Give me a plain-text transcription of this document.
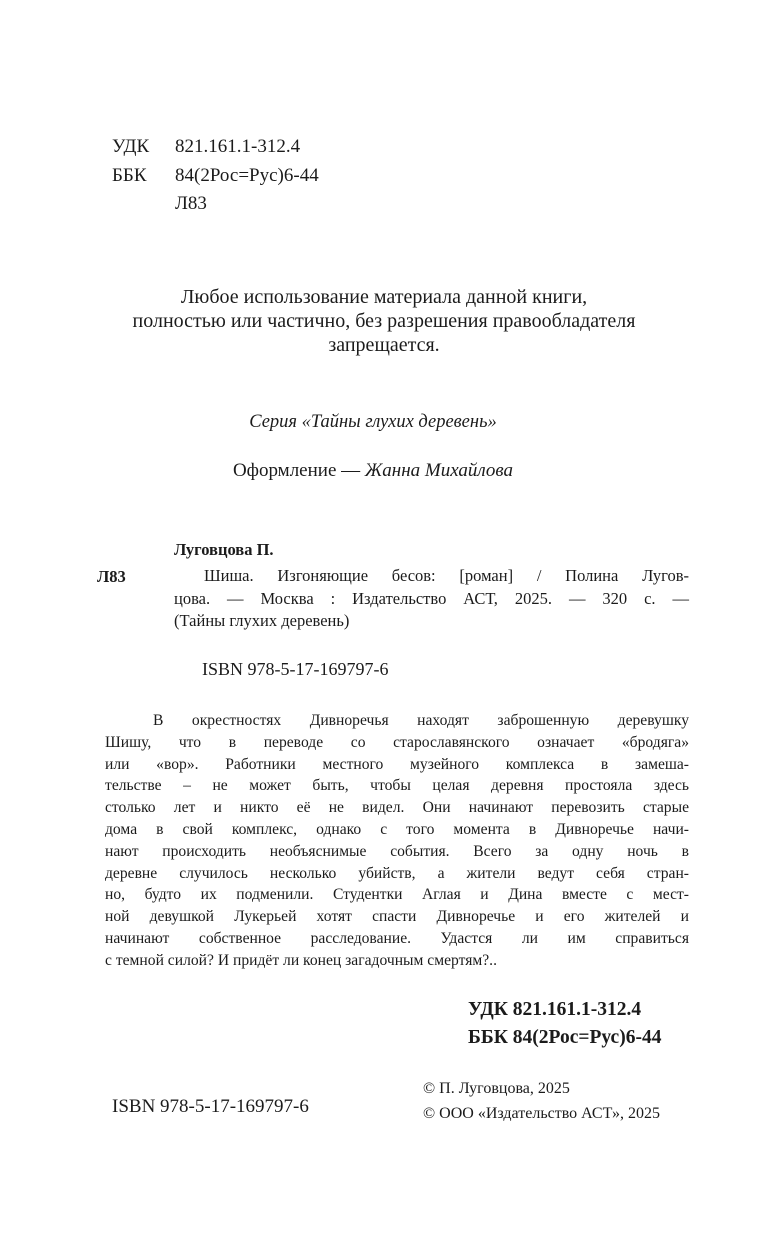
УДК 821.161.1-312.4
ББК 84(2Рос=Рус)6-44
Л83
Любое использование материала данной книги,
полностью или частично, без разрешения правообладателя
запрещается.
Серия «Тайны глухих деревень»
Оформление — Жанна Михайлова
Луговцова П.
Л83	Шиша. Изгоняющие бесов: [роман] / Полина Лугов-
цова. — Москва : Издательство АСТ, 2025. — 320 с. —
(Тайны глухих деревень)
ISBN 978-5-17-169797-6
В окрестностях Дивноречья находят заброшенную деревушку
Шишу, что в переводе со старославянского означает «бродяга»
или «вор». Работники местного музейного комплекса в замеша-
тельстве – не может быть, чтобы целая деревня простояла здесь
столько лет и никто её не видел. Они начинают перевозить старые
дома в свой комплекс, однако с того момента в Дивноречье начи-
нают происходить необъяснимые события. Всего за одну ночь в
деревне случилось несколько убийств, а жители ведут себя стран-
но, будто их подменили. Студентки Аглая и Дина вместе с мест-
ной девушкой Лукерьей хотят спасти Дивноречье и его жителей и
начинают собственное расследование. Удастся ли им справиться
с темной силой? И придёт ли конец загадочным смертям?..
УДК 821.161.1-312.4
ББК 84(2Рос=Рус)6-44
ISBN 978-5-17-169797-6
© П. Луговцова, 2025
© ООО «Издательство АСТ», 2025
